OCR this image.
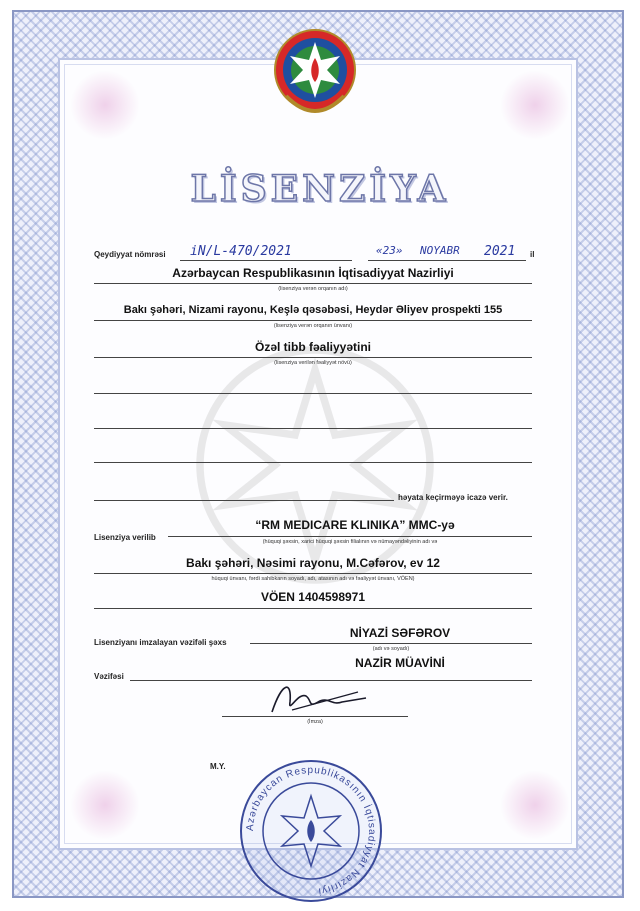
LİSENZİYA
Qeydiyyat nömrəsi iN/L-470/2021	«23» NOYABR 2021 il
Azərbaycan Respublikasının İqtisadiyyat Nazirliyi
(lisenziya verən orqanın adı)
Bakı şəhəri, Nizami rayonu, Keşlə qəsəbəsi, Heydər Əliyev prospekti 155
(lisenziya verən orqanın ünvanı)
Özəl tibb fəaliyyətini
(lisenziya verilən fəaliyyət növü)
həyata keçirməyə icazə verir.
Lisenziya verilib
“RM MEDICARE KLINIKA” MMC-yə
(hüquqi şəxsin, xarici hüquqi şəxsin filialının və nümayəndəliyinin adı və
Bakı şəhəri, Nəsimi rayonu, M.Cəfərov, ev 12
hüquqi ünvanı, fərdi sahibkarın soyadı, adı, atasının adı və fəaliyyət ünvanı, VÖEN)
VÖEN 1404598971
Lisenziyanı imzalayan vəzifəli şəxs
NİYAZİ SƏFƏROV
(adı və soyadı)
Vəzifəsi
NAZİR MÜAVİNİ
(İmza)
M.Y.
Azərbaycan Respublikasının İqtisadiyyat Nazirliyi
